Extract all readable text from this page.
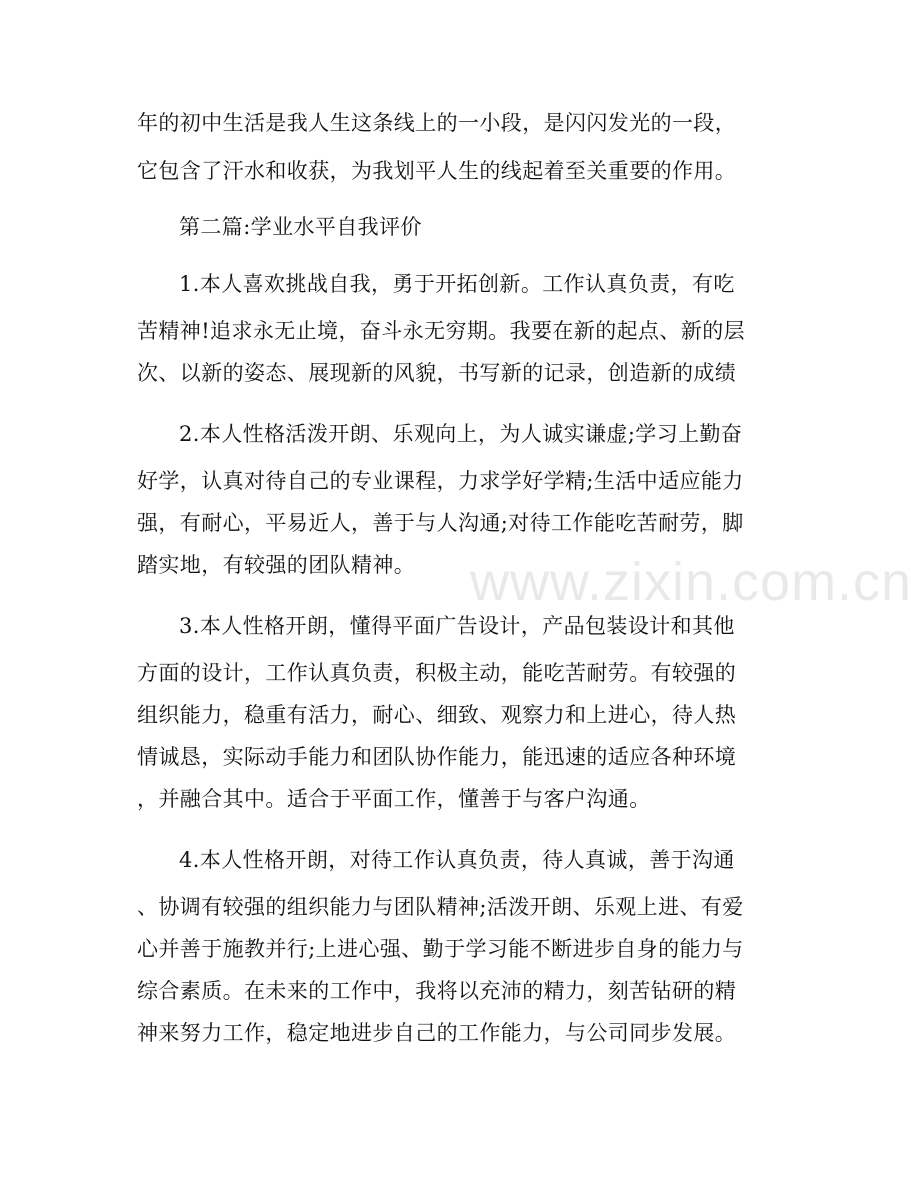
年的初中生活是我人生这条线上的一小段，是闪闪发光的一段，
它包含了汗水和收获，为我划平人生的线起着至关重要的作用。
第二篇:学业水平自我评价
1.本人喜欢挑战自我，勇于开拓创新。工作认真负责，有吃
苦精神!追求永无止境，奋斗永无穷期。我要在新的起点、新的层
次、以新的姿态、展现新的风貌，书写新的记录，创造新的成绩
2.本人性格活泼开朗、乐观向上，为人诚实谦虚;学习上勤奋
好学，认真对待自己的专业课程，力求学好学精;生活中适应能力
强，有耐心，平易近人，善于与人沟通;对待工作能吃苦耐劳，脚
踏实地，有较强的团队精神。
3.本人性格开朗，懂得平面广告设计，产品包装设计和其他
方面的设计，工作认真负责，积极主动，能吃苦耐劳。有较强的
组织能力，稳重有活力，耐心、细致、观察力和上进心，待人热
情诚恳，实际动手能力和团队协作能力，能迅速的适应各种环境
，并融合其中。适合于平面工作，懂善于与客户沟通。
4.本人性格开朗，对待工作认真负责，待人真诚，善于沟通
、协调有较强的组织能力与团队精神;活泼开朗、乐观上进、有爱
心并善于施教并行;上进心强、勤于学习能不断进步自身的能力与
综合素质。在未来的工作中，我将以充沛的精力，刻苦钻研的精
神来努力工作，稳定地进步自己的工作能力，与公司同步发展。
www.zixin.com.cn
